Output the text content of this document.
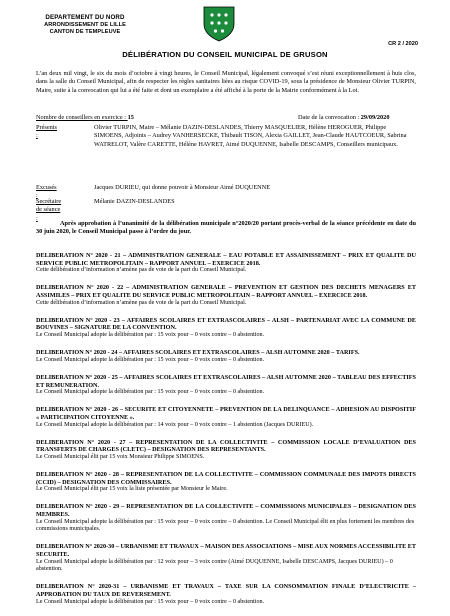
DEPARTEMENT DU NORD
ARRONDISSEMENT DE LILLE
CANTON DE TEMPLEUVE
CR 2 / 2020
DÉLIBÉRATION DU CONSEIL MUNICIPAL DE GRUSON
L’an deux mil vingt, le six du mois d’octobre à vingt heures, le Conseil Municipal, légalement convoqué s’est réuni exceptionnellement à huis clos, dans la salle du Conseil Municipal, afin de respecter les règles sanitaires liées au risque COVID-19, sous la présidence de Monsieur Olivier TURPIN, Maire, suite à la convocation qui lui a été faite et dont un exemplaire a été affiché à la porte de la Mairie conformément à la Loi.
Nombre de conseillers en exercice : 15	Date de la convocation : 29/09/2020
Présents :
Olivier TURPIN, Maire – Mélanie DAZIN-DESLANDES, Thierry MASQUELIER, Hélène HEROGUER, Philippe SIMOENS, Adjoints – Audrey VANHERSECKE, Thibault TISON, Alexia GAILLET, Jean-Claude HAUTCOEUR, Sabrina WATRELOT, Valère CARETTE, Hélène HAVRET, Aimé DUQUENNE, Isabelle DESCAMPS, Conseillers municipaux.
Excusés :
Jacques DURIEU, qui donne pouvoir à Monsieur Aimé DUQUENNE
Secrétaire de séance :
Mélanie DAZIN-DESLANDES
Après approbation à l’unanimité de la délibération municipale n°2020/20 portant procès-verbal de la séance précédente en date du 30 juin 2020, le Conseil Municipal passe à l’ordre du jour.
DELIBERATION N° 2020 - 21 – ADMINISTRATION GENERALE – EAU POTABLE ET ASSAINISSEMENT – PRIX ET QUALITE DU SERVICE PUBLIC METROPOLITAIN – RAPPORT ANNUEL – EXERCICE 2018.
Cette délibération d’information n’amène pas de vote de la part du Conseil Municipal.
DELIBERATION N° 2020 - 22 – ADMINISTRATION GENERALE – PREVENTION ET GESTION DES DECHETS MENAGERS ET ASSIMILES – PRIX ET QUALITE DU SERVICE PUBLIC METROPOLITAIN – RAPPORT ANNUEL – EXERCICE 2018.
Cette délibération d’information n’amène pas de vote de la part du Conseil Municipal.
DELIBERATION N° 2020 - 23 – AFFAIRES SCOLAIRES ET EXTRASCOLAIRES – ALSH – PARTENARIAT AVEC LA COMMUNE DE BOUVINES – SIGNATURE DE LA CONVENTION.
Le Conseil Municipal adopte la délibération par : 15 voix pour – 0 voix contre – 0 abstention.
DELIBERATION N° 2020 - 24 – AFFAIRES SCOLAIRES ET EXTRASCOLAIRES – ALSH AUTOMNE 2020 – TARIFS.
Le Conseil Municipal adopte la délibération par : 15 voix pour – 0 voix contre – 0 abstention.
DELIBERATION N° 2020 - 25 – AFFAIRES SCOLAIRES ET EXTRASCOLAIRES – ALSH AUTOMNE 2020 – TABLEAU DES EFFECTIFS ET REMUNERATION.
Le Conseil Municipal adopte la délibération par : 15 voix pour – 0 voix contre – 0 abstention.
DELIBERATION N° 2020 - 26 – SECURITE ET CITOYENNETE – PREVENTION DE LA DELINQUANCE – ADHESION AU DISPOSITIF « PARTICIPATION CITOYENNE ».
Le Conseil Municipal adopte la délibération par : 14 voix pour – 0 voix contre – 1 abstention (Jacques DURIEU).
DELIBERATION N° 2020 - 27 – REPRESENTATION DE LA COLLECTIVITE – COMMISSION LOCALE D’EVALUATION DES TRANSFERTS DE CHARGES (CLETC) – DESIGNATION DES REPRESENTANTS.
Le Conseil Municipal élit par 15 voix Monsieur Philippe SIMOENS.
DELIBERATION N° 2020 - 28 – REPRESENTATION DE LA COLLECTIVITE – COMMISSION COMMUNALE DES IMPOTS DIRECTS (CCID) – DESIGNATION DES COMMISSAIRES.
Le Conseil Municipal élit par 15 voix la liste présentée par Monsieur le Maire.
DELIBERATION N° 2020 - 29 – REPRESENTATION DE LA COLLECTIVITE – COMMISSIONS MUNICIPALES – DESIGNATION DES MEMBRES.
Le Conseil Municipal adopte la délibération par : 15 voix pour – 0 voix contre – 0 abstention. Le Conseil Municipal élit en plus fortement les membres des commissions municipales.
DELIBERATION N° 2020-30 – URBANISME ET TRAVAUX – MAISON DES ASSOCIATIONS – MISE AUX NORMES ACCESSIBILITE ET SECURITE.
Le Conseil Municipal adopte la délibération par : 12 voix pour – 3 voix contre (Aimé DUQUENNE, Isabelle DESCAMPS, Jacques DURIEU) – 0 abstention.
DELIBERATION N° 2020-31 – URBANISME ET TRAVAUX – TAXE SUR LA CONSOMMATION FINALE D’ELECTRICITE – APPROBATION DU TAUX DE REVERSEMENT.
Le Conseil Municipal adopte la délibération par : 15 voix pour – 0 voix contre – 0 abstention.
